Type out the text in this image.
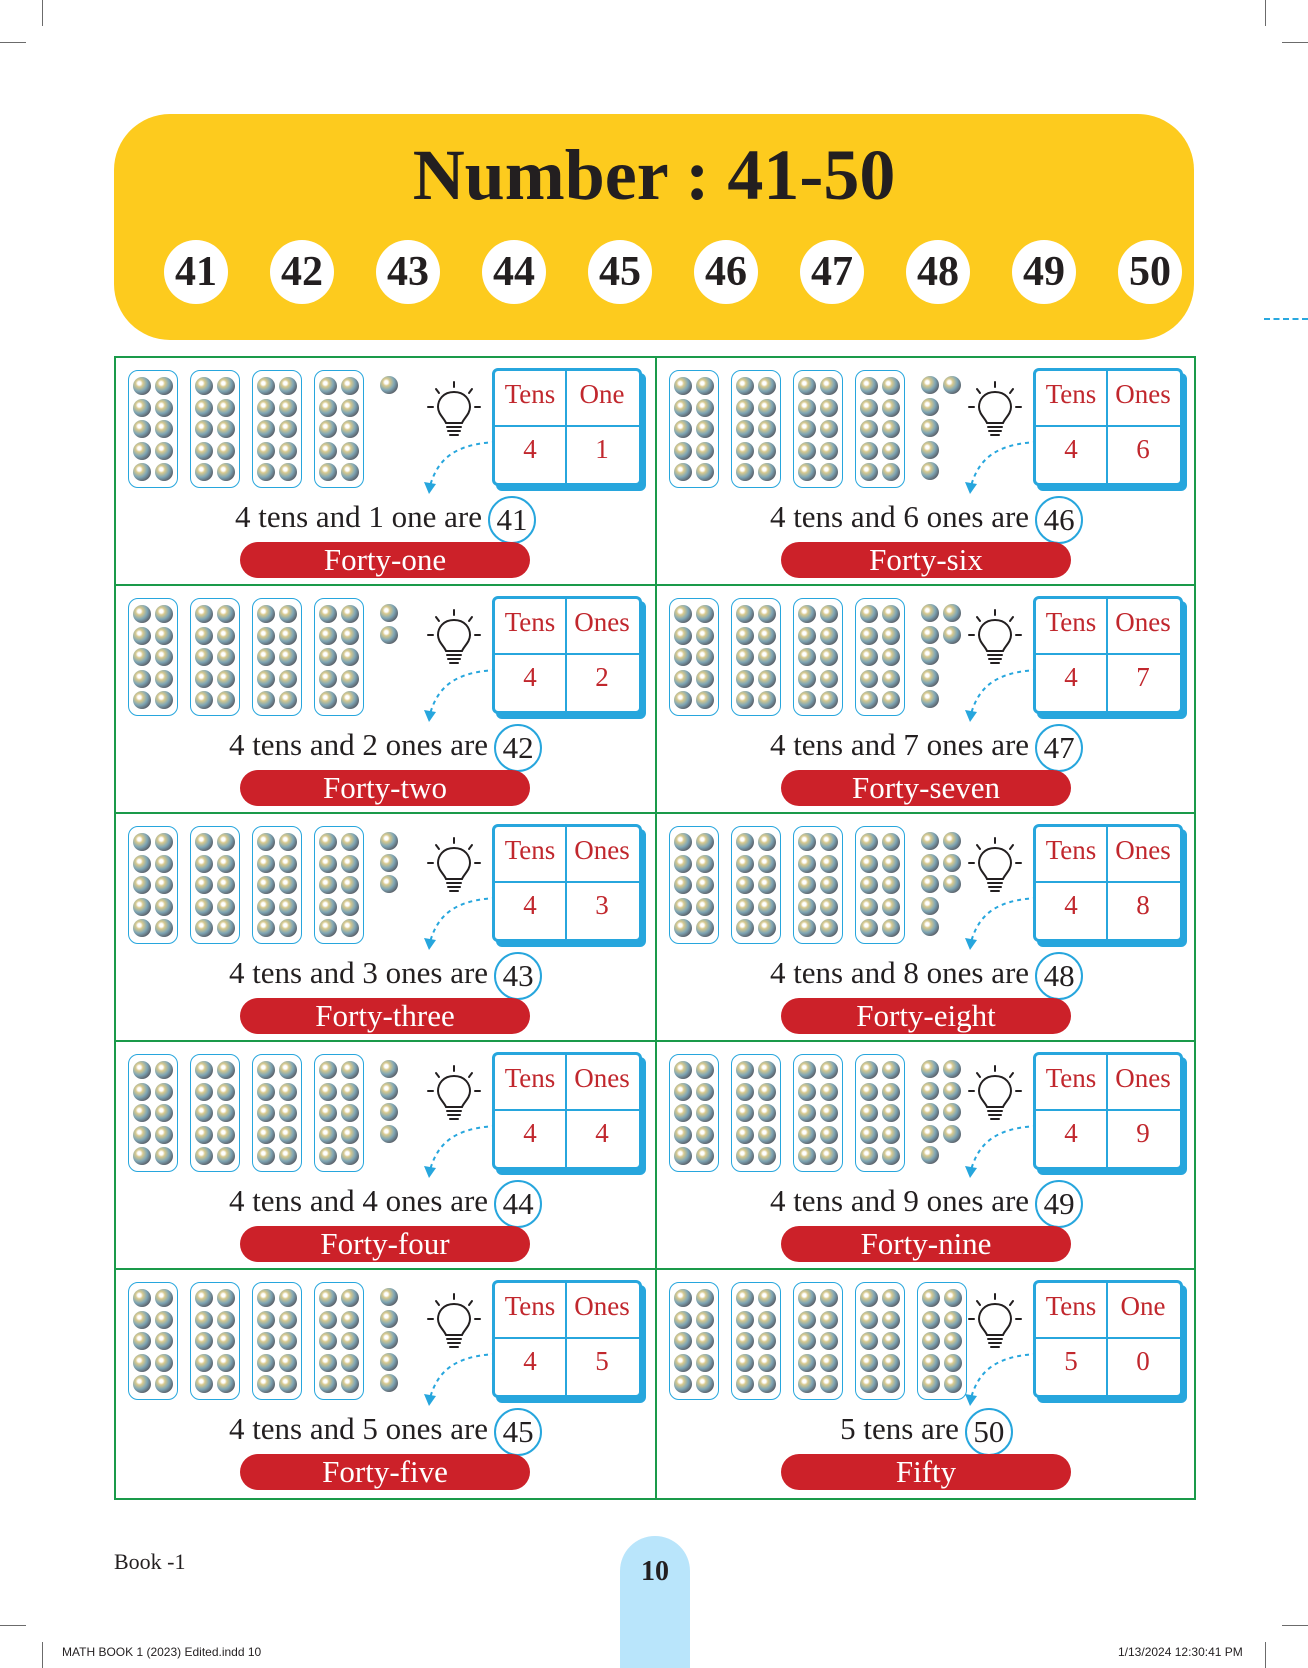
Number : 41-50
41 42 43 44 45 46 47 48 49 50
Tens One
4	1
4 tens and 1 one are 41
Forty-one
Tens Ones
4	2
4 tens and 2 ones are 42
Forty-two
Tens Ones
4	3
4 tens and 3 ones are 43
Forty-three
Tens Ones
4	4
4 tens and 4 ones are 44
Forty-four
Tens Ones
4	5
4 tens and 5 ones are 45
Forty-five
Tens Ones
4	6
4 tens and 6 ones are 46
Forty-six
Tens Ones
4	7
4 tens and 7 ones are 47
Forty-seven
Tens Ones
4	8
4 tens and 8 ones are 48
Forty-eight
Tens Ones
4	9
4 tens and 9 ones are 49
Forty-nine
Tens One
5	0
5 tens are 50
Fifty
Book -1	10
MATH BOOK 1 (2023) Edited.indd 10	1/13/2024 12:30:41 PM
